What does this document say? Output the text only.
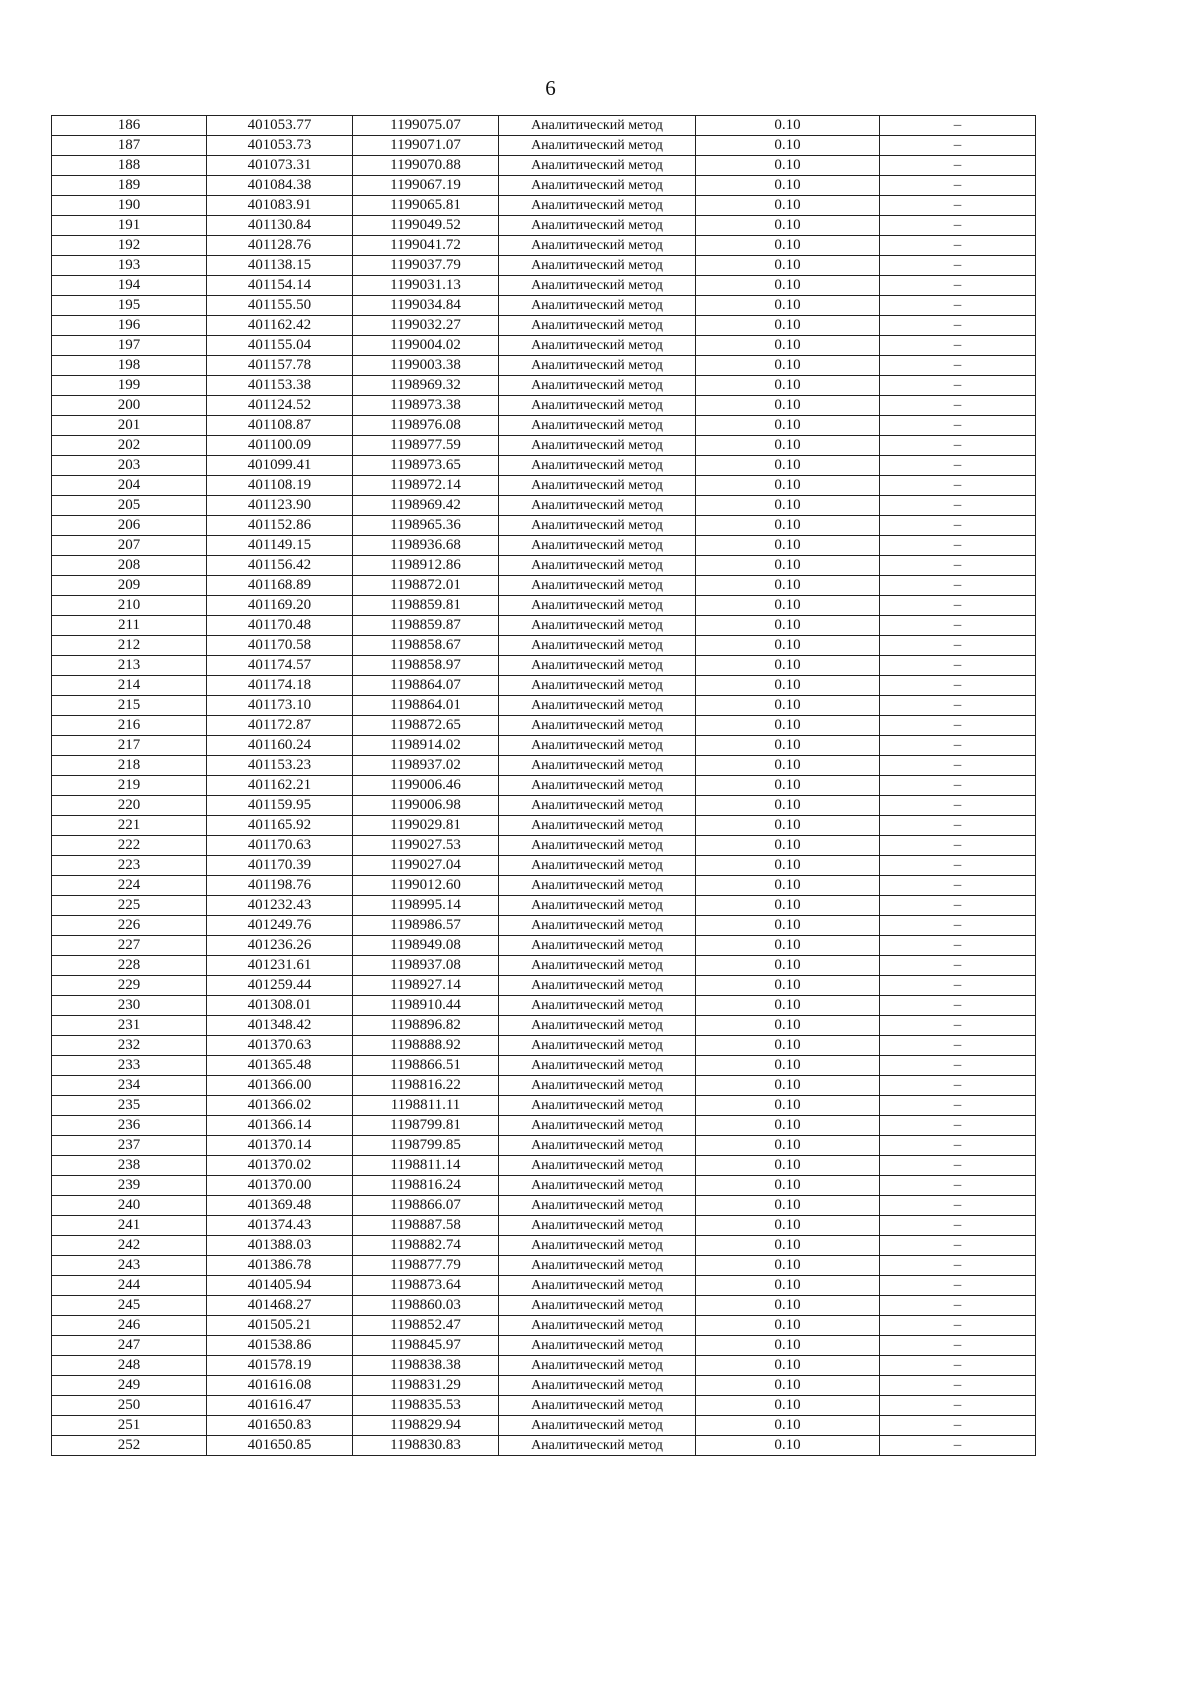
6
186	401053.77	1199075.07	Аналитический метод	0.10	–
187	401053.73	1199071.07	Аналитический метод	0.10	–
188	401073.31	1199070.88	Аналитический метод	0.10	–
189	401084.38	1199067.19	Аналитический метод	0.10	–
190	401083.91	1199065.81	Аналитический метод	0.10	–
191	401130.84	1199049.52	Аналитический метод	0.10	–
192	401128.76	1199041.72	Аналитический метод	0.10	–
193	401138.15	1199037.79	Аналитический метод	0.10	–
194	401154.14	1199031.13	Аналитический метод	0.10	–
195	401155.50	1199034.84	Аналитический метод	0.10	–
196	401162.42	1199032.27	Аналитический метод	0.10	–
197	401155.04	1199004.02	Аналитический метод	0.10	–
198	401157.78	1199003.38	Аналитический метод	0.10	–
199	401153.38	1198969.32	Аналитический метод	0.10	–
200	401124.52	1198973.38	Аналитический метод	0.10	–
201	401108.87	1198976.08	Аналитический метод	0.10	–
202	401100.09	1198977.59	Аналитический метод	0.10	–
203	401099.41	1198973.65	Аналитический метод	0.10	–
204	401108.19	1198972.14	Аналитический метод	0.10	–
205	401123.90	1198969.42	Аналитический метод	0.10	–
206	401152.86	1198965.36	Аналитический метод	0.10	–
207	401149.15	1198936.68	Аналитический метод	0.10	–
208	401156.42	1198912.86	Аналитический метод	0.10	–
209	401168.89	1198872.01	Аналитический метод	0.10	–
210	401169.20	1198859.81	Аналитический метод	0.10	–
211	401170.48	1198859.87	Аналитический метод	0.10	–
212	401170.58	1198858.67	Аналитический метод	0.10	–
213	401174.57	1198858.97	Аналитический метод	0.10	–
214	401174.18	1198864.07	Аналитический метод	0.10	–
215	401173.10	1198864.01	Аналитический метод	0.10	–
216	401172.87	1198872.65	Аналитический метод	0.10	–
217	401160.24	1198914.02	Аналитический метод	0.10	–
218	401153.23	1198937.02	Аналитический метод	0.10	–
219	401162.21	1199006.46	Аналитический метод	0.10	–
220	401159.95	1199006.98	Аналитический метод	0.10	–
221	401165.92	1199029.81	Аналитический метод	0.10	–
222	401170.63	1199027.53	Аналитический метод	0.10	–
223	401170.39	1199027.04	Аналитический метод	0.10	–
224	401198.76	1199012.60	Аналитический метод	0.10	–
225	401232.43	1198995.14	Аналитический метод	0.10	–
226	401249.76	1198986.57	Аналитический метод	0.10	–
227	401236.26	1198949.08	Аналитический метод	0.10	–
228	401231.61	1198937.08	Аналитический метод	0.10	–
229	401259.44	1198927.14	Аналитический метод	0.10	–
230	401308.01	1198910.44	Аналитический метод	0.10	–
231	401348.42	1198896.82	Аналитический метод	0.10	–
232	401370.63	1198888.92	Аналитический метод	0.10	–
233	401365.48	1198866.51	Аналитический метод	0.10	–
234	401366.00	1198816.22	Аналитический метод	0.10	–
235	401366.02	1198811.11	Аналитический метод	0.10	–
236	401366.14	1198799.81	Аналитический метод	0.10	–
237	401370.14	1198799.85	Аналитический метод	0.10	–
238	401370.02	1198811.14	Аналитический метод	0.10	–
239	401370.00	1198816.24	Аналитический метод	0.10	–
240	401369.48	1198866.07	Аналитический метод	0.10	–
241	401374.43	1198887.58	Аналитический метод	0.10	–
242	401388.03	1198882.74	Аналитический метод	0.10	–
243	401386.78	1198877.79	Аналитический метод	0.10	–
244	401405.94	1198873.64	Аналитический метод	0.10	–
245	401468.27	1198860.03	Аналитический метод	0.10	–
246	401505.21	1198852.47	Аналитический метод	0.10	–
247	401538.86	1198845.97	Аналитический метод	0.10	–
248	401578.19	1198838.38	Аналитический метод	0.10	–
249	401616.08	1198831.29	Аналитический метод	0.10	–
250	401616.47	1198835.53	Аналитический метод	0.10	–
251	401650.83	1198829.94	Аналитический метод	0.10	–
252	401650.85	1198830.83	Аналитический метод	0.10	–
